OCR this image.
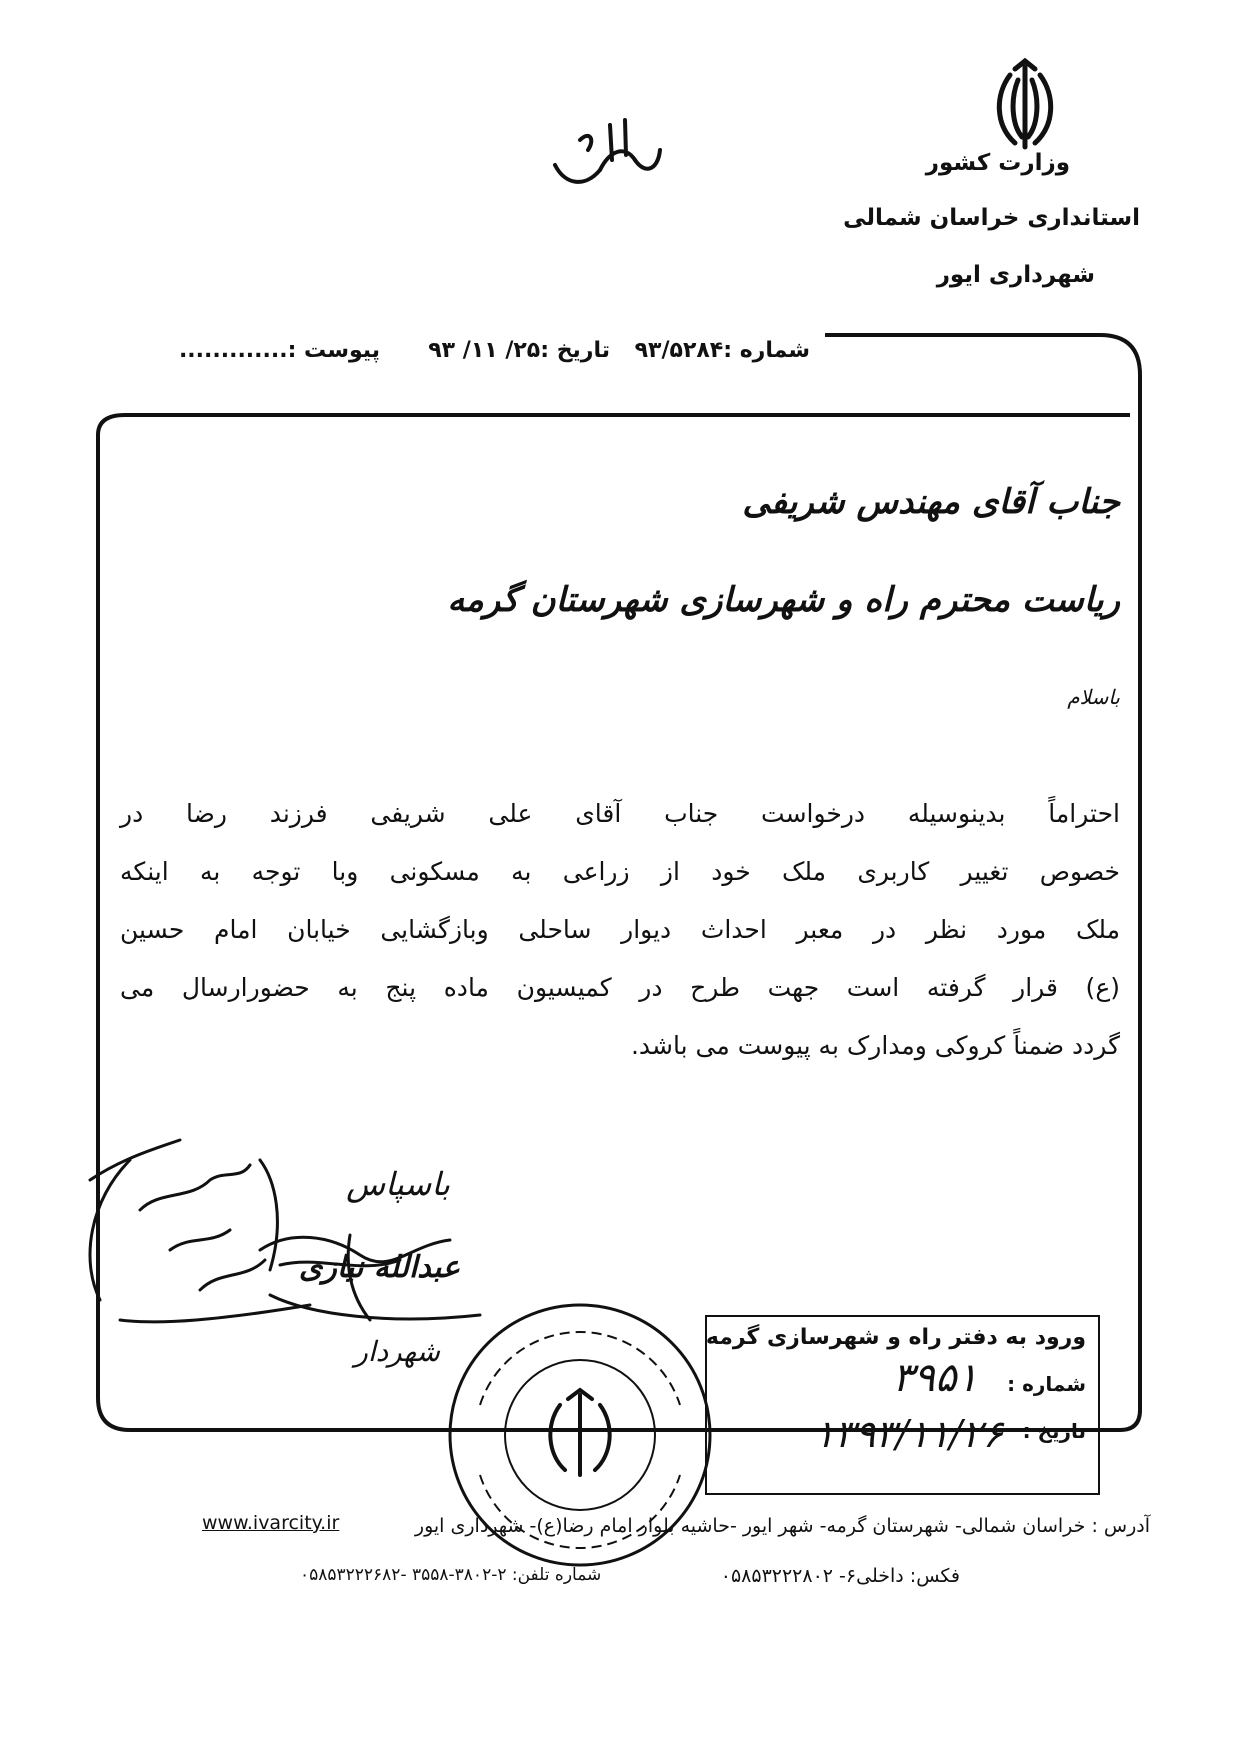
وزارت کشور
استانداری خراسان شمالی
شهرداری ایور
شماره :۹۳/۵۲۸۴
تاریخ :۲۵/ ۱۱/ ۹۳
پیوست :.............
جناب آقای مهندس شریفی
ریاست محترم راه و شهرسازی شهرستان گرمه
باسلام

احتراماً بدینوسیله درخواست جناب آقای علی شریفی فرزند رضا در

خصوص تغییر کاربری ملک خود از زراعی به مسکونی وبا توجه به اینکه

ملک مورد نظر در معبر احداث دیوار ساحلی وبازگشایی خیابان امام حسین

(ع) قرار گرفته است جهت طرح در کمیسیون ماده پنج به حضورارسال می

گردد ضمناً کروکی ومدارک به پیوست می باشد.

باسپاس
عبدالله نیازی
شهردار	ورود به دفتر راه و شهرسازی گرمه
شماره :
تاریخ :
۳۹۵۱
۱۳۹۳/۱۱/۲۶
آدرس : خراسان شمالی- شهرستان گرمه- شهر ایور -حاشیه بلوار امام رضا(ع)- شهرداری ایور
www.ivarcity.ir
فکس: داخلی۶- ۰۵۸۵۳۲۲۲۸۰۲
شماره تلفن: ۲-۳۸۰۲-۳۵۵۸ -۰۵۸۵۳۲۲۲۶۸۲
